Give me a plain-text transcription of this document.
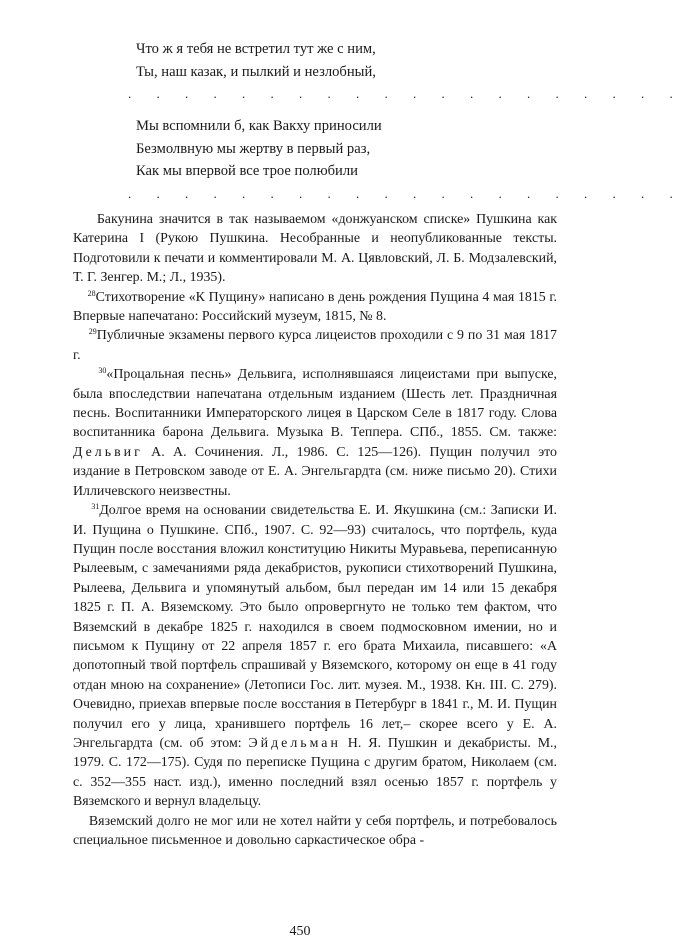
Что ж я тебя не встретил тут же с ним,
Ты, наш казак, и пылкий и незлобный,
. . . . . . . . . . . . . . . . . . . .
Мы вспомнили б, как Вакху приносили
Безмолвную мы жертву в первый раз,
Как мы впервой все трое полюбили
. . . . . . . . . . . . . . . . . . . .

Бакунина значится в так называемом «донжуанском списке» Пушкина как Катерина I (Рукою Пушкина. Несобранные и неопубликованные тексты. Подготовили к печати и комментировали М. А. Цявловский, Л. Б. Модзалевский, Т. Г. Зенгер. М.; Л., 1935).

$^{28}$Стихотворение «К Пущину» написано в день рождения Пущина 4 мая 1815 г. Впервые напечатано: Российский музеум, 1815, № 8.

$^{29}$Публичные экзамены первого курса лицеистов проходили с 9 по 31 мая 1817 г.

$^{30}$«Процальная песнь» Дельвига, исполнявшаяся лицеистами при выпуске, была впоследствии напечатана отдельным изданием (Шесть лет. Праздничная песнь. Воспитанники Императорского лицея в Царском Селе в 1817 году. Слова воспитанника барона Дельвига. Музыка В. Теппера. СПб., 1855. См. также: Дельвиг А. А. Сочинения. Л., 1986. С. 125—126). Пущин получил это издание в Петровском заводе от Е. А. Энгельгардта (см. ниже письмо 20). Стихи Илличевского неизвестны.

$^{31}$Долгое время на основании свидетельства Е. И. Якушкина (см.: Записки И. И. Пущина о Пушкине. СПб., 1907. С. 92—93) считалось, что портфель, куда Пущин после восстания вложил конституцию Никиты Муравьева, переписанную Рылеевым, с замечаниями ряда декабристов, рукописи стихотворений Пушкина, Рылеева, Дельвига и упомянутый альбом, был передан им 14 или 15 декабря 1825 г. П. А. Вяземскому. Это было опровергнуто не только тем фактом, что Вяземский в декабре 1825 г. находился в своем подмосковном имении, но и письмом к Пущину от 22 апреля 1857 г. его брата Михаила, писавшего: «А допотопный твой портфель спрашивай у Вяземского, которому он еще в 41 году отдан мною на сохранение» (Летописи Гос. лит. музея. М., 1938. Кн. III. С. 279). Очевидно, приехав впервые после восстания в Петербург в 1841 г., М. И. Пущин получил его у лица, хранившего портфель 16 лет,– скорее всего у Е. А. Энгельгардта (см. об этом: Эйдельман Н. Я. Пушкин и декабристы. М., 1979. С. 172—175). Судя по переписке Пущина с другим братом, Николаем (см. с. 352—355 наст. изд.), именно последний взял осенью 1857 г. портфель у Вяземского и вернул владельцу.

Вяземский долго не мог или не хотел найти у себя портфель, и потребовалось специальное письменное и довольно саркастическое обра -

450
